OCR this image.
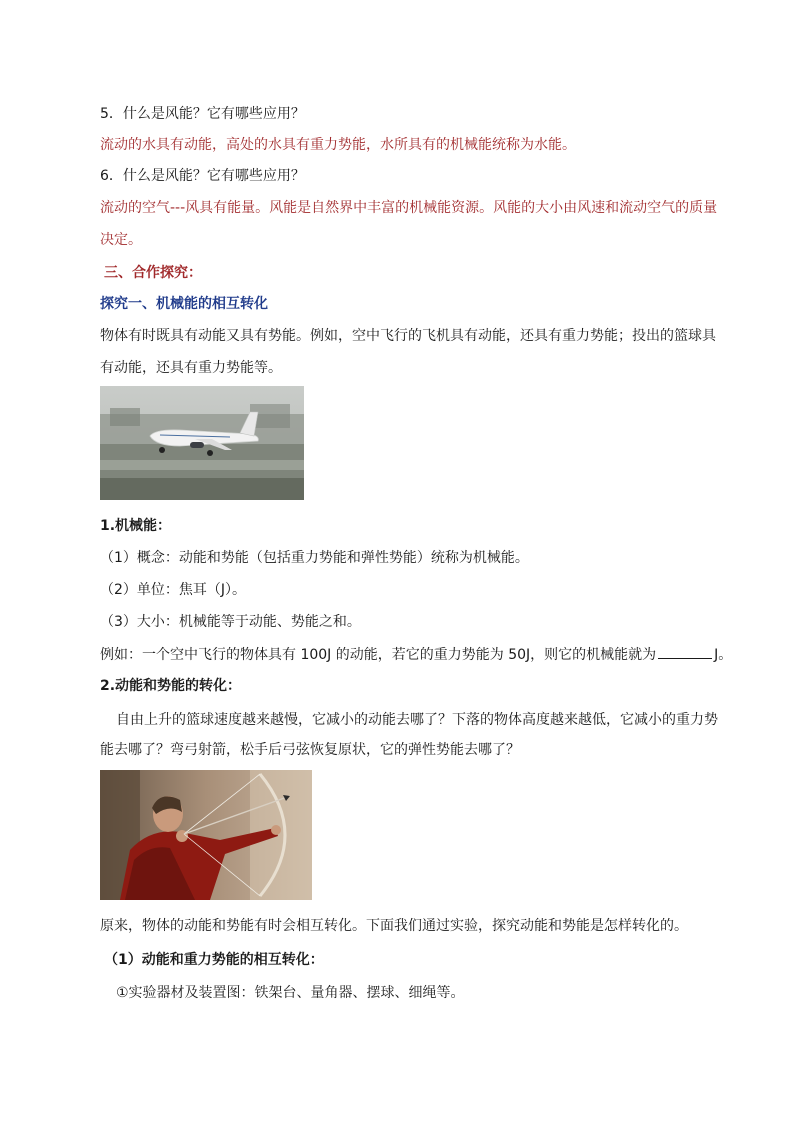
5．什么是风能？它有哪些应用？
流动的水具有动能，高处的水具有重力势能，水所具有的机械能统称为水能。
6．什么是风能？它有哪些应用？
流动的空气---风具有能量。风能是自然界中丰富的机械能资源。风能的大小由风速和流动空气的质量
决定。
三、合作探究：
探究一、机械能的相互转化
物体有时既具有动能又具有势能。例如，空中飞行的飞机具有动能，还具有重力势能；投出的篮球具
有动能，还具有重力势能等。
1.机械能：
（1）概念：动能和势能（包括重力势能和弹性势能）统称为机械能。
（2）单位：焦耳（J）。
（3）大小：机械能等于动能、势能之和。
例如：一个空中飞行的物体具有 100J 的动能，若它的重力势能为 50J，则它的机械能就为	J。
2.动能和势能的转化：
自由上升的篮球速度越来越慢，它减小的动能去哪了？下落的物体高度越来越低，它减小的重力势
能去哪了？弯弓射箭，松手后弓弦恢复原状，它的弹性势能去哪了？
原来，物体的动能和势能有时会相互转化。下面我们通过实验，探究动能和势能是怎样转化的。
（1）动能和重力势能的相互转化：
①实验器材及装置图：铁架台、量角器、摆球、细绳等。
